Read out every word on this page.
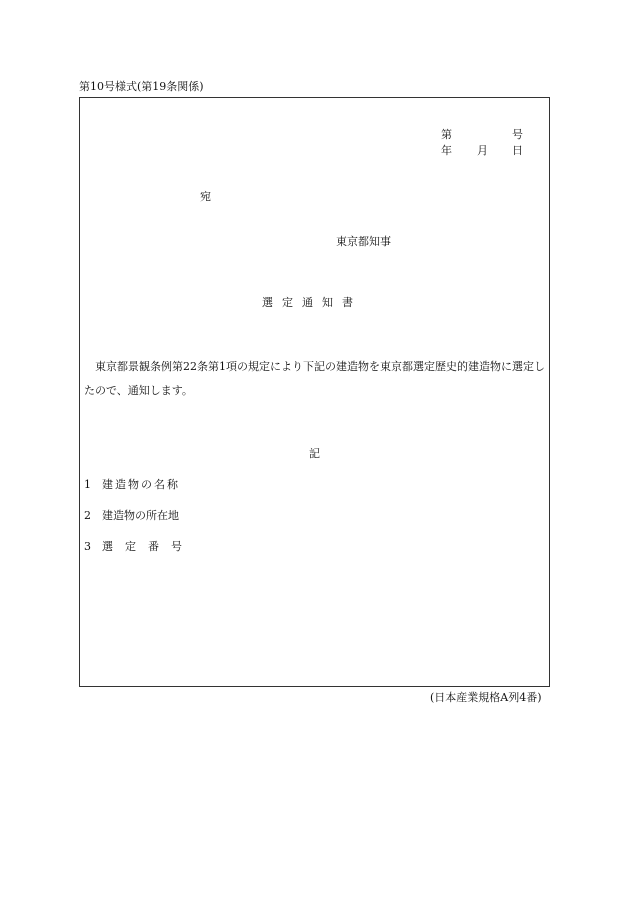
第10号様式(第19条関係)
第	号
年 月 日
宛
東京都知事
選定通知書
東京都景観条例第22条第1項の規定により下記の建造物を東京都選定歴史的建造物に選定したので、通知します。
記
1 建造物の名称
2 建造物の所在地
3 選定番号
(日本産業規格A列4番)
